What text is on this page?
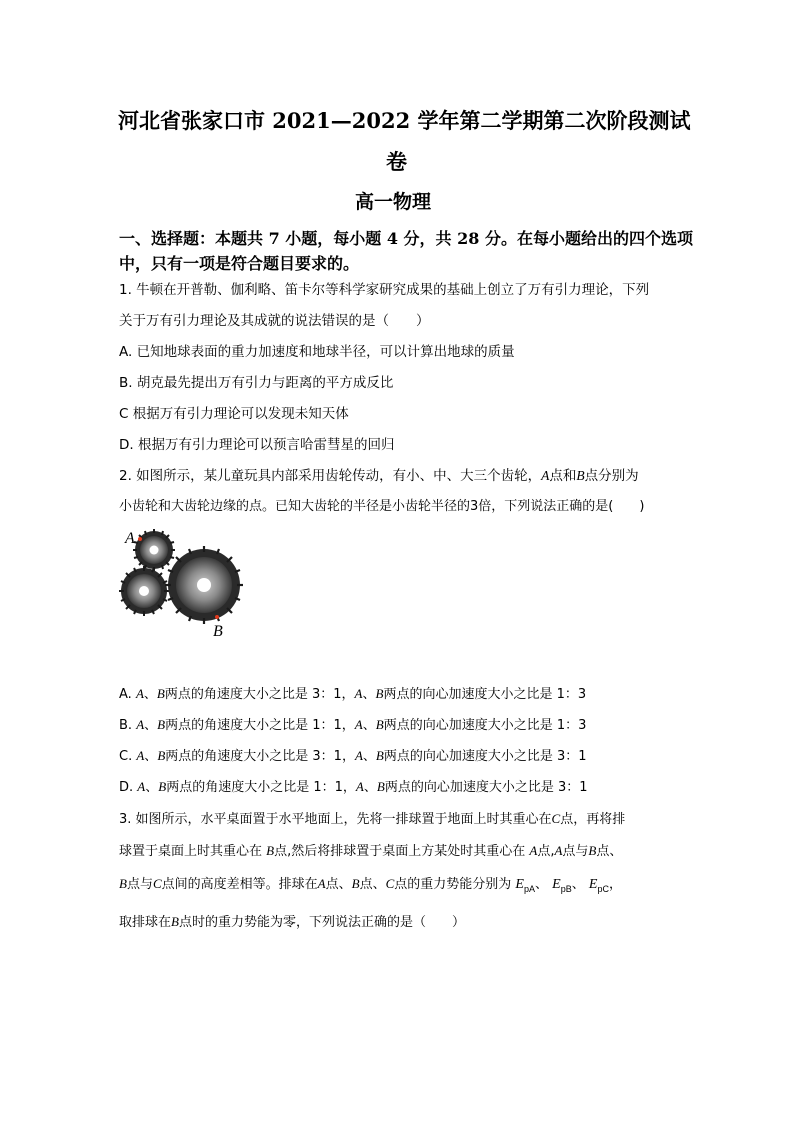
河北省张家口市 2021—2022 学年第二学期第二次阶段测试
卷
高一物理
一、选择题：本题共 7 小题，每小题 4 分，共 28 分。在每小题给出的四个选项
中，只有一项是符合题目要求的。
1. 牛顿在开普勒、伽利略、笛卡尔等科学家研究成果的基础上创立了万有引力理论，下列
关于万有引力理论及其成就的说法错误的是（　　）
A. 已知地球表面的重力加速度和地球半径，可以计算出地球的质量
B. 胡克最先提出万有引力与距离的平方成反比
C 根据万有引力理论可以发现未知天体
D. 根据万有引力理论可以预言哈雷彗星的回归
2. 如图所示，某儿童玩具内部采用齿轮传动，有小、中、大三个齿轮，A点和B点分别为
小齿轮和大齿轮边缘的点。已知大齿轮的半径是小齿轮半径的3倍，下列说法正确的是(　　)
A
B
A. A、B两点的角速度大小之比是 3：1，A、B两点的向心加速度大小之比是 1：3
B. A、B两点的角速度大小之比是 1：1，A、B两点的向心加速度大小之比是 1：3
C. A、B两点的角速度大小之比是 3：1，A、B两点的向心加速度大小之比是 3：1
D. A、B两点的角速度大小之比是 1：1，A、B两点的向心加速度大小之比是 3：1
3. 如图所示，水平桌面置于水平地面上，先将一排球置于地面上时其重心在C点，再将排
球置于桌面上时其重心在 B点,然后将排球置于桌面上方某处时其重心在 A点,A点与B点、
B点与C点间的高度差相等。排球在A点、B点、C点的重力势能分别为 $E_{pA}$、 $E_{pB}$、 $E_{pC}$，
取排球在B点时的重力势能为零，下列说法正确的是（　　）
